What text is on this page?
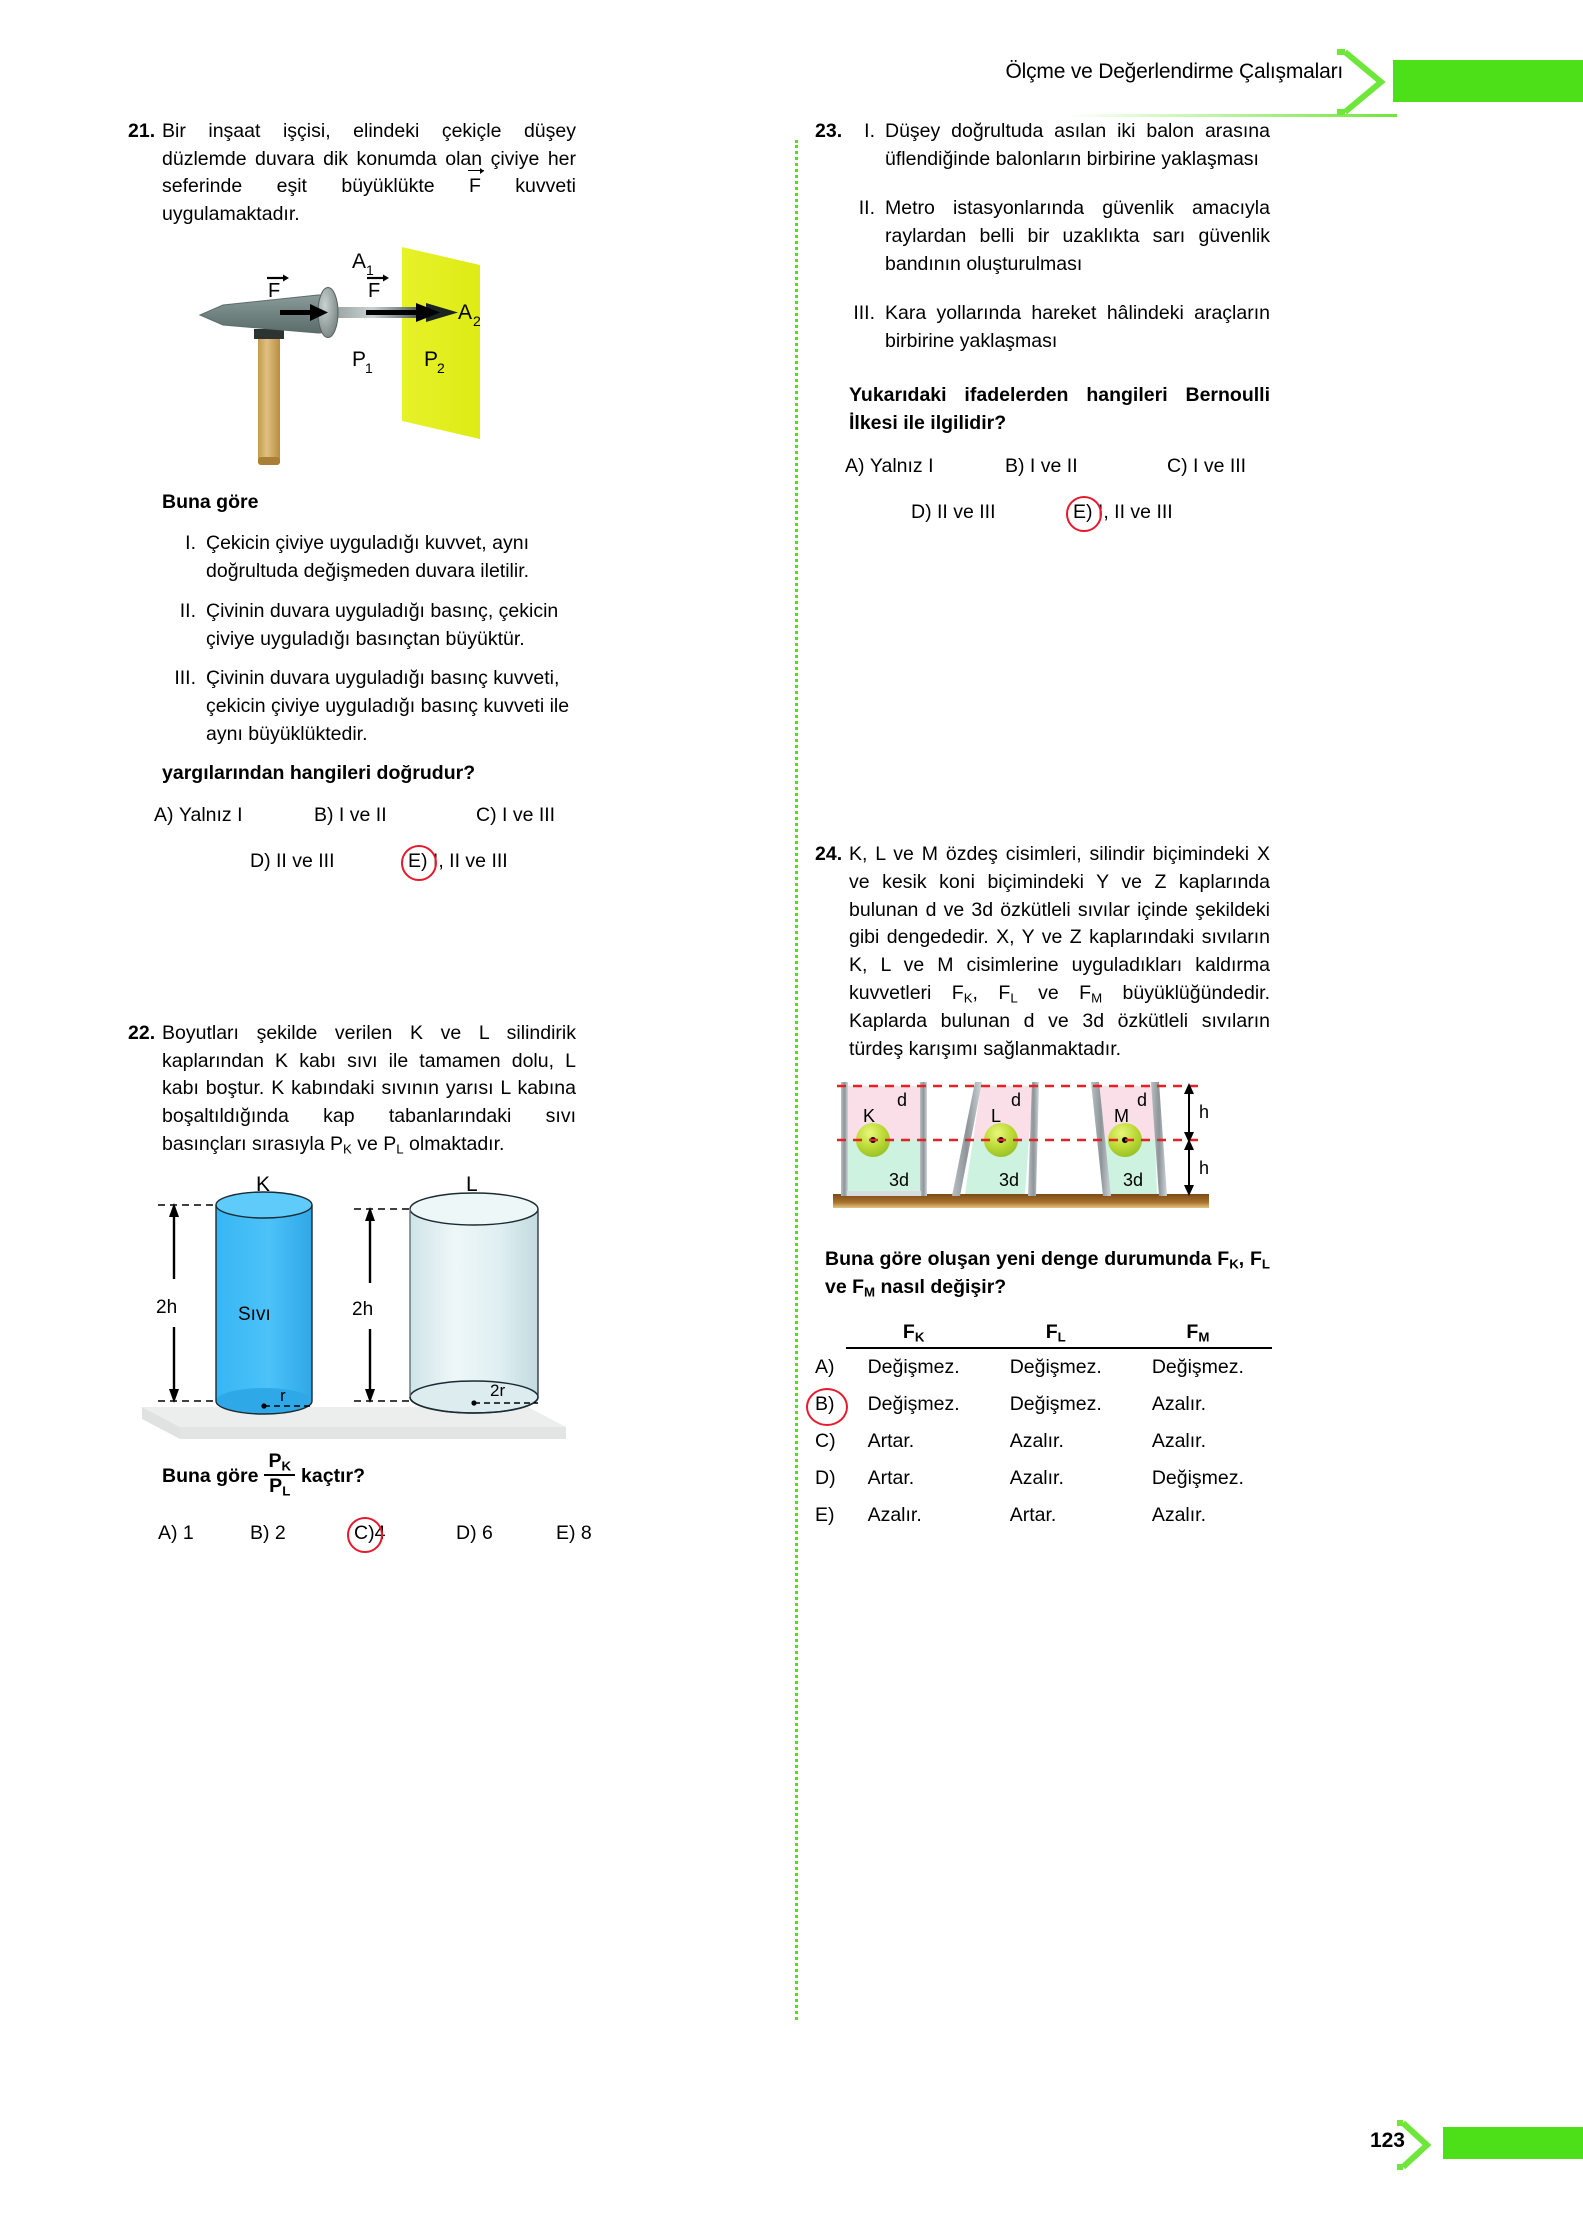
Ölçme ve Değerlendirme Çalışmaları
21. Bir inşaat işçisi, elindeki çekiçle düşey düzlemde duvara dik konumda olan çiviye her seferinde eşit büyüklükte F kuvveti uygulamaktadır.
F	F
A 1
P
1
A 2
P
2
Buna göre
I. Çekicin çiviye uyguladığı kuvvet, aynı doğrultuda değişmeden duvara iletilir.
II. Çivinin duvara uyguladığı basınç, çekicin çiviye uyguladığı basınçtan büyüktür.
III. Çivinin duvara uyguladığı basınç kuvveti, çekicin çiviye uyguladığı basınç kuvveti ile aynı büyüklüktedir.
yargılarından hangileri doğrudur?
A) Yalnız I	B) I ve II	C) I ve III
D) II ve III	E) I, II ve III
22. Boyutları şekilde verilen K ve L silindirik kaplarından K kabı sıvı ile tamamen dolu, L kabı boştur. K kabındaki sıvının yarısı L kabına boşaltıldığında kap tabanlarındaki sıvı basınçları sırasıyla $P_K$ ve $P_L$ olmaktadır.
Sıvı
K
r
2h
L
2r
2h
Buna göre $\frac{P_K}{P_L}$ kaçtır?
A) 1	B) 2	C)4	D) 6	E) 8
23.	I. Düşey doğrultuda asılan iki balon arasına üflendiğinde balonların birbirine yaklaşması
II. Metro istasyonlarında güvenlik amacıyla raylardan belli bir uzaklıkta sarı güvenlik bandının oluşturulması
III. Kara yollarında hareket hâlindeki araçların birbirine yaklaşması
Yukarıdaki ifadelerden hangileri Bernoulli İlkesi ile ilgilidir?
A) Yalnız I	B) I ve II	C) I ve III
D) II ve III	E) I, II ve III
24. K, L ve M özdeş cisimleri, silindir biçimindeki X ve kesik koni biçimindeki Y ve Z kaplarında bulunan d ve 3d özkütleli sıvılar içinde şekildeki gibi dengededir. X, Y ve Z kaplarındaki sıvıların K, L ve M cisimlerine uyguladıkları kaldırma kuvvetleri $F_K$, $F_L$ ve $F_M$ büyüklüğündedir. Kaplarda bulunan d ve 3d özkütleli sıvıların türdeş karışımı sağlanmaktadır.
K
d
3d
L
d
3d
M
d
3d
h
h
Buna göre oluşan yeni denge durumunda $F_K$, $F_L$ ve $F_M$ nasıl değişir?
	$F_K$	$F_L$	$F_M$
A)	Değişmez.	Değişmez.	Değişmez.

B)	Değişmez.	Değişmez.	Azalır.
C)	Artar.	Azalır.	Azalır.
D)	Artar.	Azalır.	Değişmez.
E)	Azalır.	Artar.	Azalır.
123
